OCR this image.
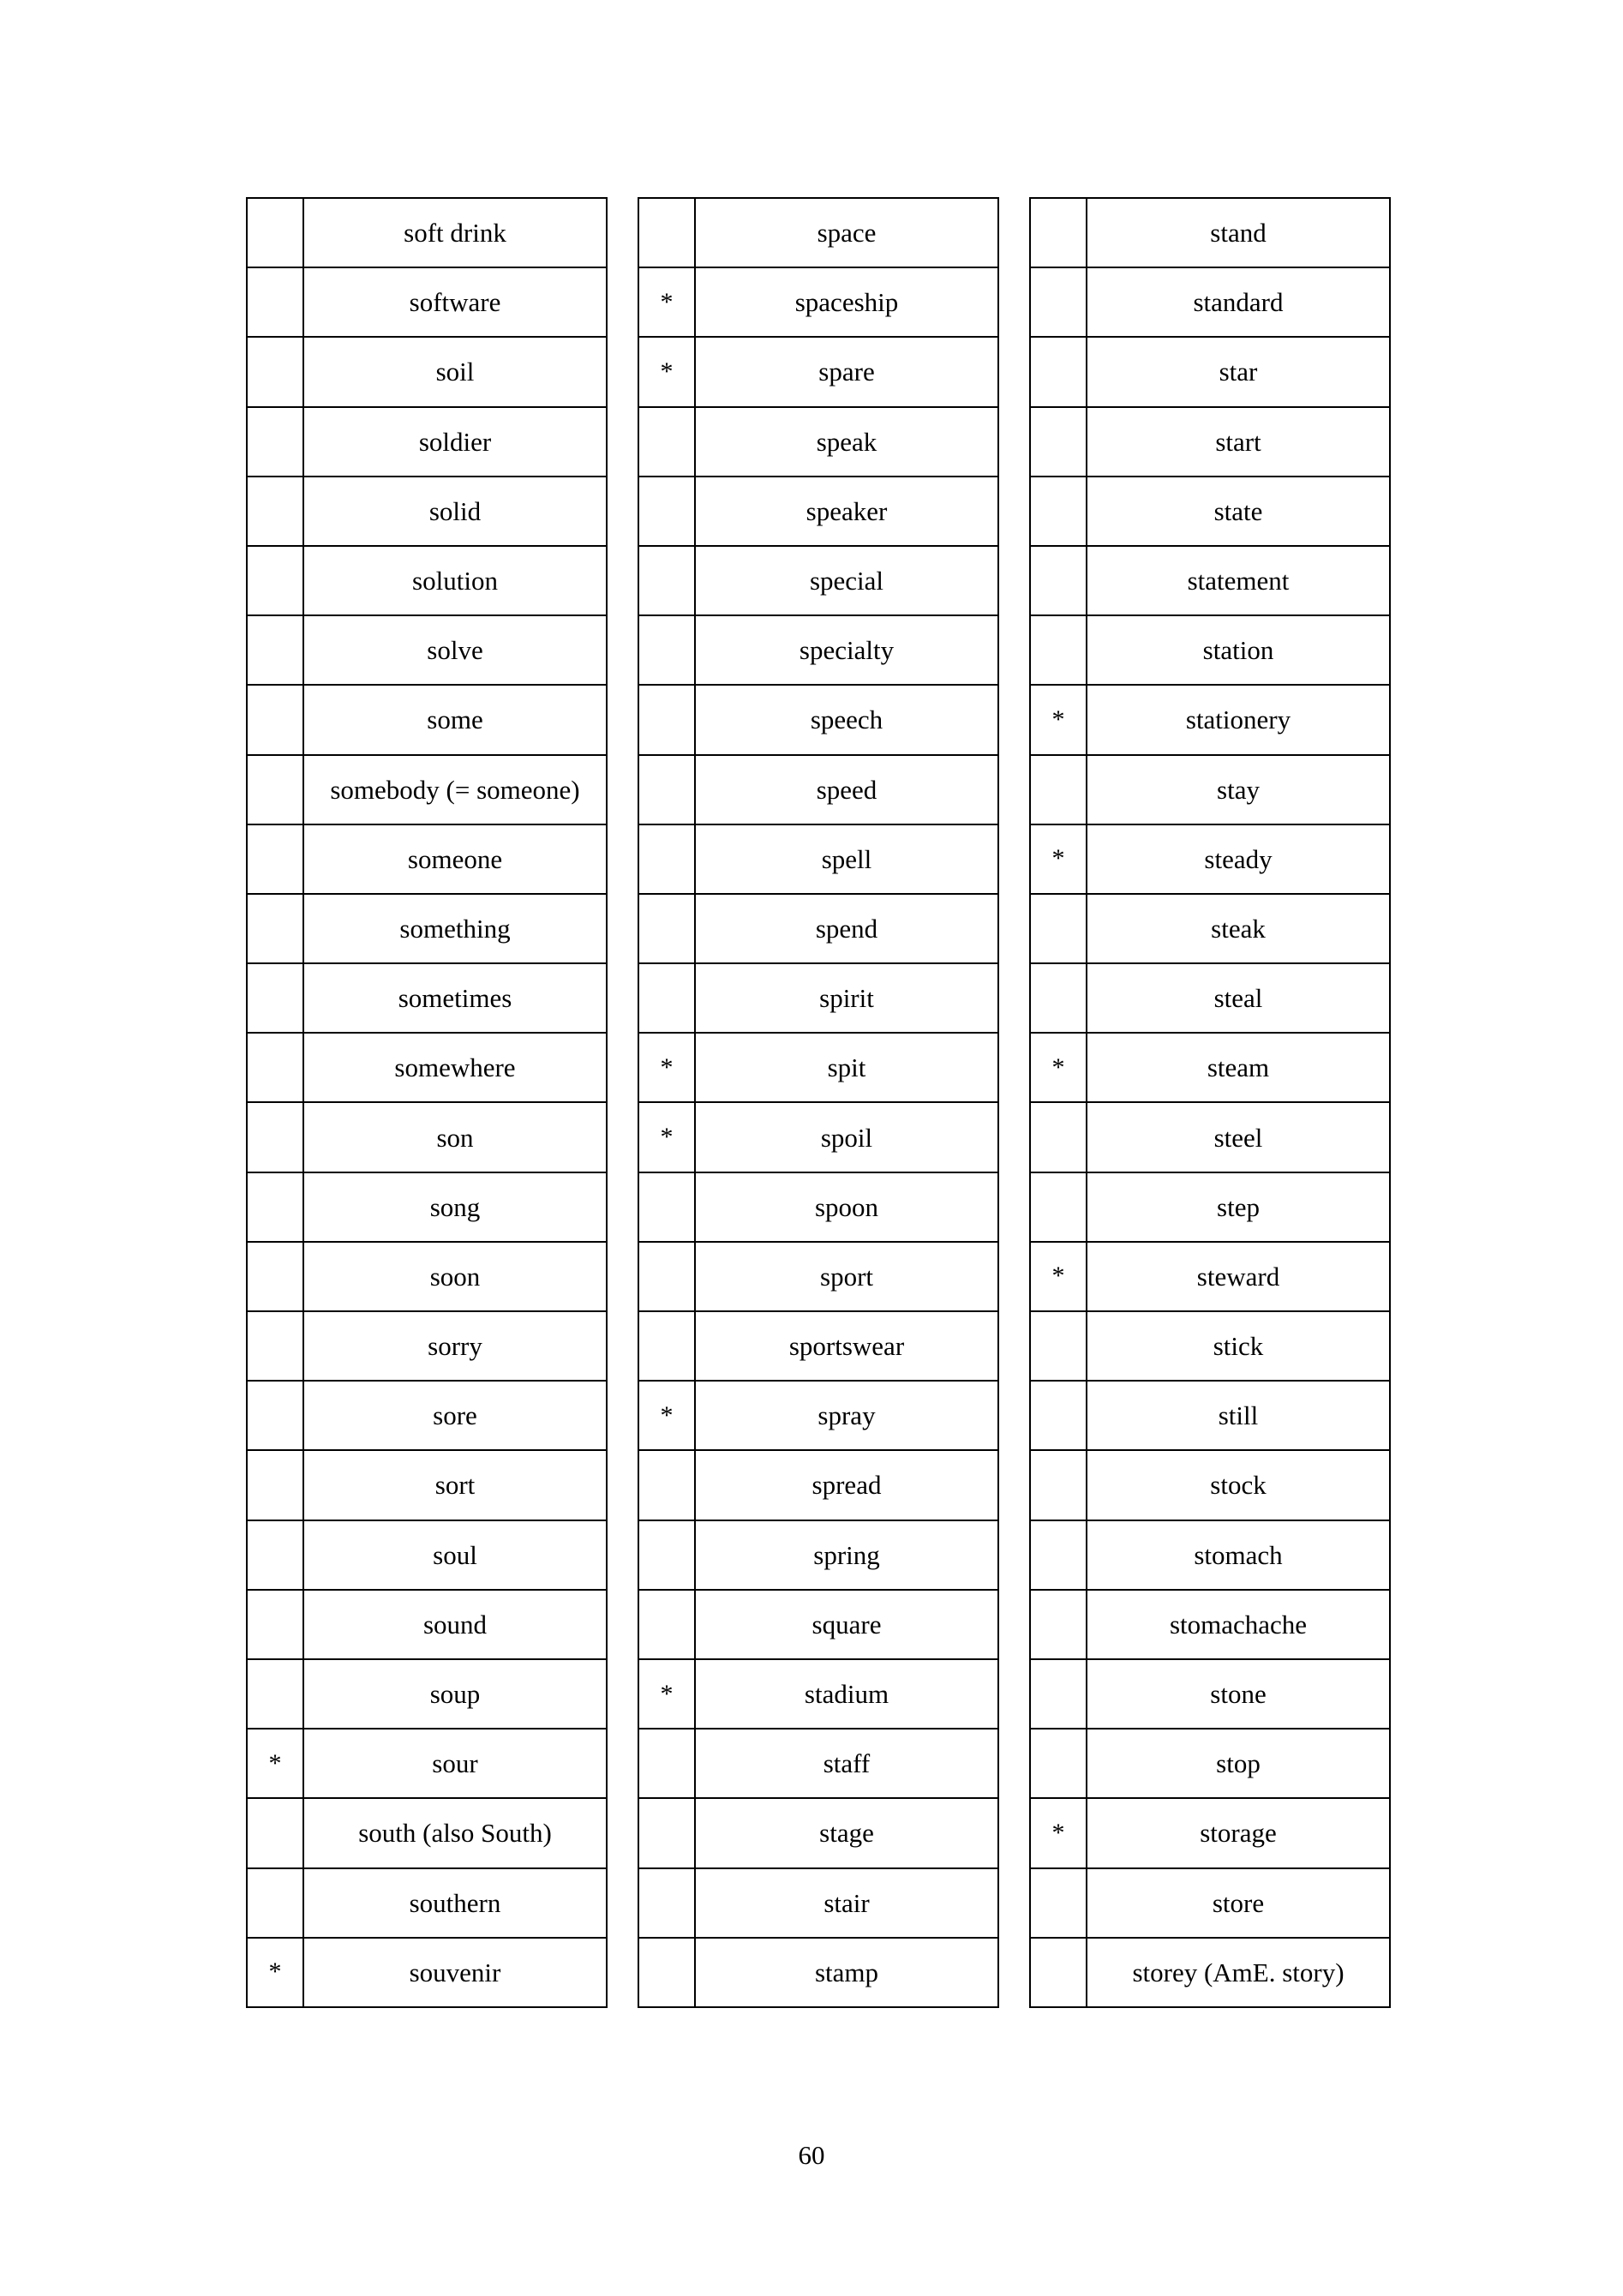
	soft drink
	software
	soil
	soldier
	solid
	solution
	solve
	some
	somebody (= someone)
	someone
	something
	sometimes
	somewhere
	son
	song
	soon
	sorry
	sore
	sort
	soul
	sound
	soup
*	sour
	south (also South)
	southern
*	souvenir
	space
*	spaceship
*	spare
	speak
	speaker
	special
	specialty
	speech
	speed
	spell
	spend
	spirit
*	spit
*	spoil
	spoon
	sport
	sportswear
*	spray
	spread
	spring
	square
*	stadium
	staff
	stage
	stair
	stamp
	stand
	standard
	star
	start
	state
	statement
	station
*	stationery
	stay
*	steady
	steak
	steal
*	steam
	steel
	step
*	steward
	stick
	still
	stock
	stomach
	stomachache
	stone
	stop
*	storage
	store
	storey (AmE. story)
60
